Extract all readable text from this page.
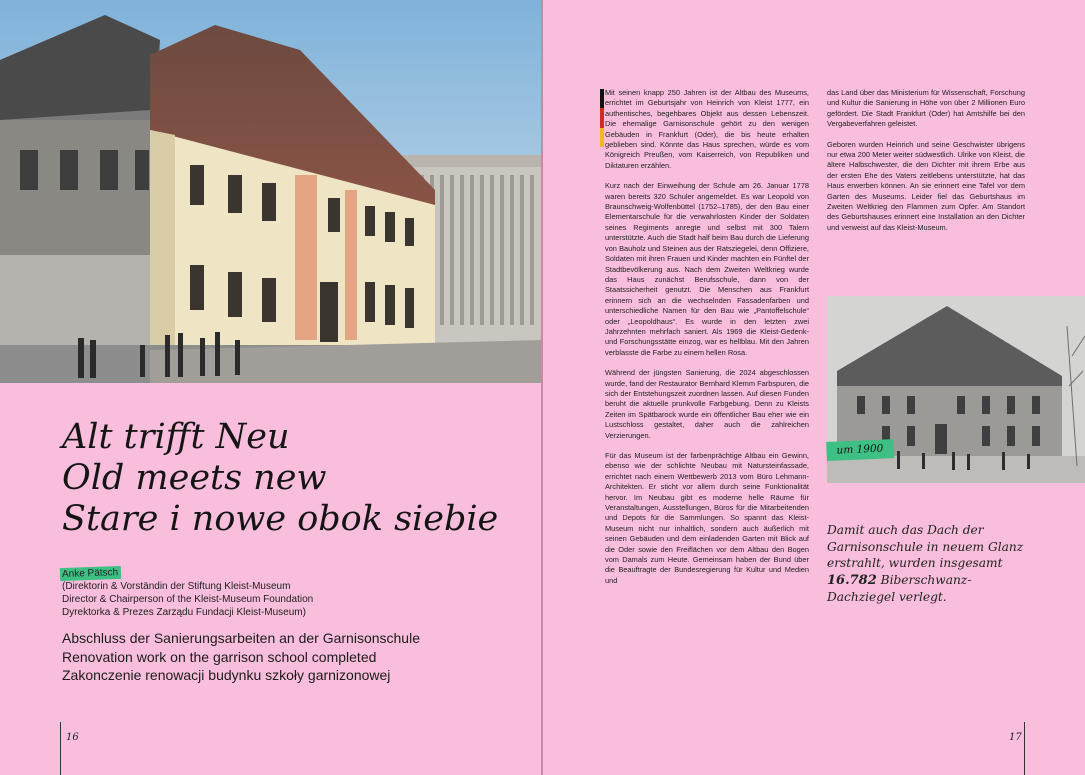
Alt trifft Neu
Old meets new
Stare i nowe obok siebie
Anke Pätsch
(Direktorin & Vorständin der Stiftung Kleist-Museum
Director & Chairperson of the Kleist-Museum Foundation
Dyrektorka & Prezes Zarządu Fundacji Kleist-Museum)
Abschluss der Sanierungsarbeiten an der Garnisonschule
Renovation work on the garrison school completed
Zakonczenie renowacji budynku szkoły garnizonowej
16

Mit seinen knapp 250 Jahren ist der Altbau des Museums, errichtet im Geburtsjahr von Heinrich von Kleist 1777, ein authentisches, begehbares Objekt aus dessen Lebenszeit. Die ehemalige Garnisonschule gehört zu den wenigen Gebäuden in Frankfurt (Oder), die bis heute erhalten geblieben sind. Könnte das Haus sprechen, würde es vom Königreich Preußen, vom Kaiserreich, von Republiken und Diktaturen erzählen.

Kurz nach der Einweihung der Schule am 26. Januar 1778 waren bereits 320 Schuler angemeldet. Es war Leopold von Braunschweig-Wolfenbüttel (1752–1785), der den Bau einer Elementarschule für die verwahrlosten Kinder der Soldaten seines Regiments anregte und selbst mit 300 Talern unterstützte. Auch die Stadt half beim Bau durch die Lieferung von Bauholz und Steinen aus der Ratsziegelei, denn Offiziere, Soldaten mit ihren Frauen und Kinder machten ein Fünftel der Stadtbevölkerung aus. Nach dem Zweiten Weltkrieg wurde das Haus zunächst Berufsschule, dann von der Staatssicherheit genutzt. Die Menschen aus Frankfurt erinnern sich an die wechselnden Fassadenfarben und unterschiedliche Namen für den Bau wie „Pantoffelschule“ oder „Leopoldhaus“. Es wurde in den letzten zwei Jahrzehnten mehrfach saniert. Als 1969 die Kleist-Gedenk- und Forschungsstätte einzog, war es hellblau. Mit den Jahren verblasste die Farbe zu einem hellen Rosa.

Während der jüngsten Sanierung, die 2024 abgeschlossen wurde, fand der Restaurator Bernhard Klemm Farbspuren, die sich der Entstehungszeit zuordnen lassen. Auf diesen Funden beruht die aktuelle prunkvolle Farbgebung. Denn zu Kleists Zeiten im Spätbarock wurde ein öffentlicher Bau eher wie ein Lustschloss gestaltet, daher auch die zahlreichen Verzierungen.

Für das Museum ist der farbenprächtige Altbau ein Gewinn, ebenso wie der schlichte Neubau mit Natursteinfassade, errichtet nach einem Wettbewerb 2013 vom Büro Lehmann-Architekten. Er sticht vor allem durch seine Funktionalität hervor. Im Neubau gibt es moderne helle Räume für Veranstaltungen, Ausstellungen, Büros für die Mitarbeitenden und Depots für die Sammlungen. So spannt das Kleist-Museum nicht nur inhaltlich, sondern auch äußerlich mit seinen Gebäuden und dem einladenden Garten mit Blick auf die Oder sowie den Freiflächen vor dem Altbau den Bogen vom Damals zum Heute. Gemeinsam haben der Bund über die Beauftragte der Bundesregierung für Kultur und Medien und

das Land über das Ministerium für Wissenschaft, Forschung und Kultur die Sanierung in Höhe von über 2 Millionen Euro gefördert. Die Stadt Frankfurt (Oder) hat Amtshilfe bei den Vergabeverfahren geleistet.

Geboren wurden Heinrich und seine Geschwister übrigens nur etwa 200 Meter weiter südwestlich. Ulrike von Kleist, die ältere Halbschwester, die den Dichter mit ihrem Erbe aus der ersten Ehe des Vaters zeitlebens unterstützte, hat das Haus erwerben können. An sie erinnert eine Tafel vor dem Garten des Museums. Leider fiel das Geburtshaus im Zweiten Weltkrieg den Flammen zum Opfer. Am Standort des Geburtshauses erinnert eine Installation an den Dichter und verweist auf das Kleist-Museum.

um 1900
Damit auch das Dach der Garnisonschule in neuem Glanz erstrahlt, wurden insgesamt 16.782 Biberschwanz-Dachziegel verlegt.
17
